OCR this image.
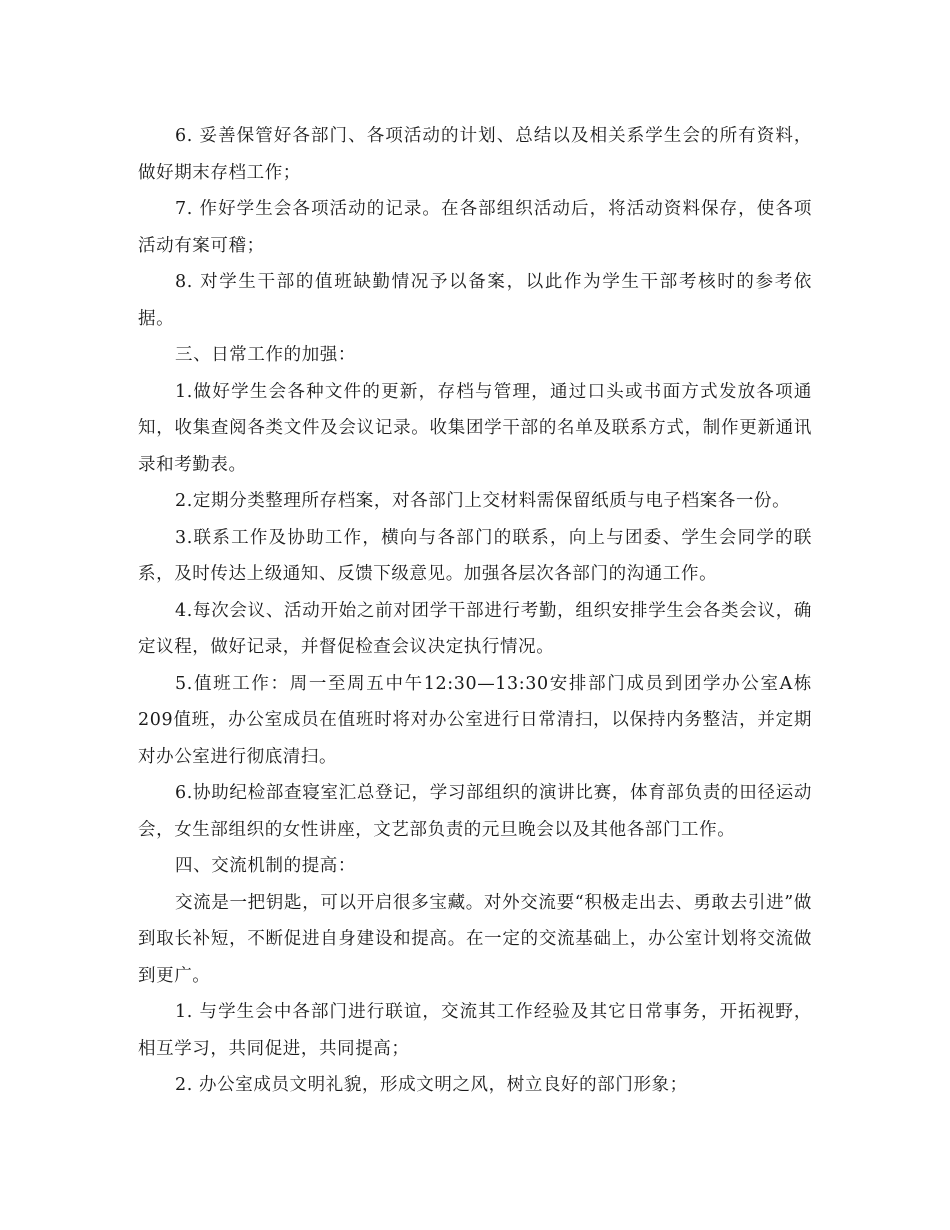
6. 妥善保管好各部门、各项活动的计划、总结以及相关系学生会的所有资料，做好期末存档工作；

7. 作好学生会各项活动的记录。在各部组织活动后，将活动资料保存，使各项活动有案可稽；

8. 对学生干部的值班缺勤情况予以备案，以此作为学生干部考核时的参考依据。

三、日常工作的加强：

1.做好学生会各种文件的更新，存档与管理，通过口头或书面方式发放各项通知，收集查阅各类文件及会议记录。收集团学干部的名单及联系方式，制作更新通讯录和考勤表。

2.定期分类整理所存档案，对各部门上交材料需保留纸质与电子档案各一份。

3.联系工作及协助工作，横向与各部门的联系，向上与团委、学生会同学的联系，及时传达上级通知、反馈下级意见。加强各层次各部门的沟通工作。

4.每次会议、活动开始之前对团学干部进行考勤，组织安排学生会各类会议，确定议程，做好记录，并督促检查会议决定执行情况。

5.值班工作：周一至周五中午12:30—13:30安排部门成员到团学办公室A栋209值班，办公室成员在值班时将对办公室进行日常清扫，以保持内务整洁，并定期对办公室进行彻底清扫。

6.协助纪检部查寝室汇总登记，学习部组织的演讲比赛，体育部负责的田径运动会，女生部组织的女性讲座，文艺部负责的元旦晚会以及其他各部门工作。

四、交流机制的提高：

交流是一把钥匙，可以开启很多宝藏。对外交流要“积极走出去、勇敢去引进”做到取长补短，不断促进自身建设和提高。在一定的交流基础上，办公室计划将交流做到更广。

1. 与学生会中各部门进行联谊，交流其工作经验及其它日常事务，开拓视野，相互学习，共同促进，共同提高；

2. 办公室成员文明礼貌，形成文明之风，树立良好的部门形象；
